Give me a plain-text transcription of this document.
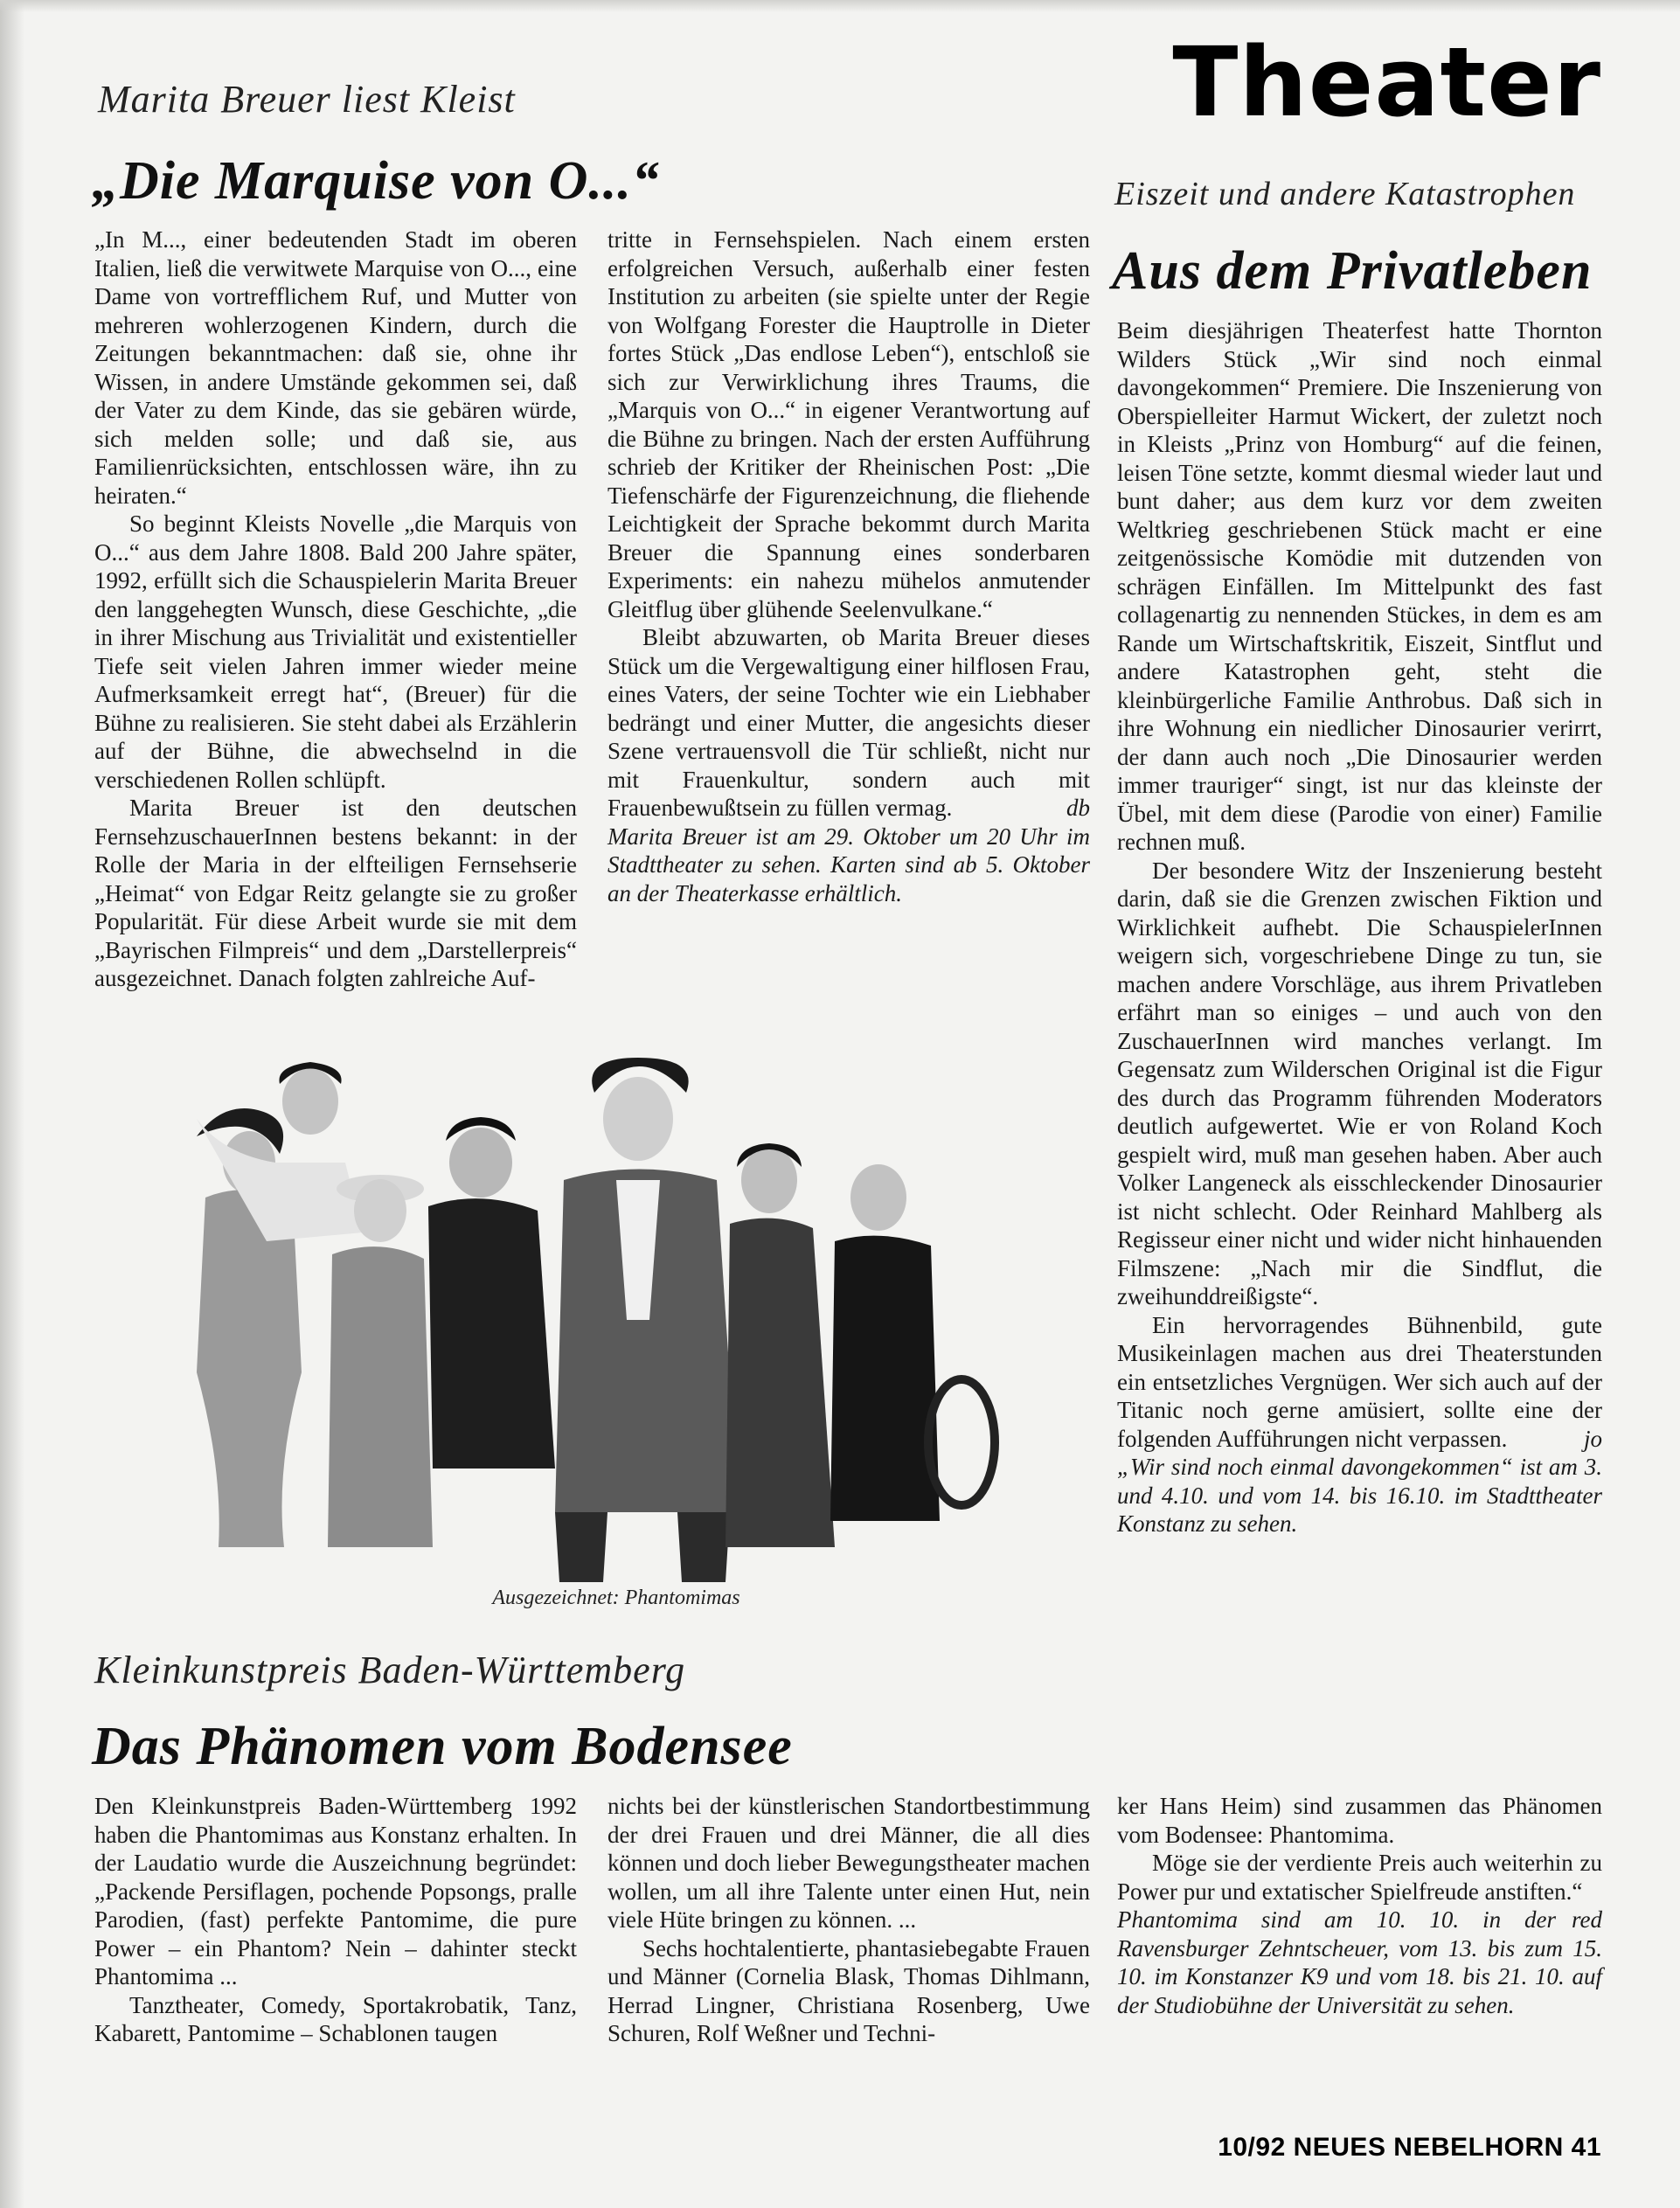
Theater
Marita Breuer liest Kleist
„Die Marquise von O...“

„In M..., einer bedeutenden Stadt im oberen Italien, ließ die verwitwete Marquise von O..., eine Dame von vortrefflichem Ruf, und Mutter von mehreren wohlerzogenen Kindern, durch die Zeitungen bekanntmachen: daß sie, ohne ihr Wissen, in andere Umstände gekommen sei, daß der Vater zu dem Kinde, das sie gebären würde, sich melden solle; und daß sie, aus Familienrücksichten, entschlossen wäre, ihn zu heiraten.“

So beginnt Kleists Novelle „die Marquis von O...“ aus dem Jahre 1808. Bald 200 Jahre später, 1992, erfüllt sich die Schauspielerin Marita Breuer den langgehegten Wunsch, diese Geschichte, „die in ihrer Mischung aus Trivialität und existentieller Tiefe seit vielen Jahren immer wieder meine Aufmerksamkeit erregt hat“, (Breuer) für die Bühne zu realisieren. Sie steht dabei als Erzählerin auf der Bühne, die abwechselnd in die verschiedenen Rollen schlüpft.

Marita Breuer ist den deutschen FernsehzuschauerInnen bestens bekannt: in der Rolle der Maria in der elfteiligen Fernsehserie „Heimat“ von Edgar Reitz gelangte sie zu großer Popularität. Für diese Arbeit wurde sie mit dem „Bayrischen Filmpreis“ und dem „Darstellerpreis“ ausgezeichnet. Danach folgten zahlreiche Auf-

tritte in Fernsehspielen. Nach einem ersten erfolgreichen Versuch, außerhalb einer festen Institution zu arbeiten (sie spielte unter der Regie von Wolfgang Forester die Hauptrolle in Dieter fortes Stück „Das endlose Leben“), entschloß sie sich zur Verwirklichung ihres Traums, die „Marquis von O...“ in eigener Verantwortung auf die Bühne zu bringen. Nach der ersten Aufführung schrieb der Kritiker der Rheinischen Post: „Die Tiefenschärfe der Figurenzeichnung, die fliehende Leichtigkeit der Sprache bekommt durch Marita Breuer die Spannung eines sonderbaren Experiments: ein nahezu mühelos anmutender Gleitflug über glühende Seelenvulkane.“

Bleibt abzuwarten, ob Marita Breuer dieses Stück um die Vergewaltigung einer hilflosen Frau, eines Vaters, der seine Tochter wie ein Liebhaber bedrängt und einer Mutter, die angesichts dieser Szene vertrauensvoll die Tür schließt, nicht nur mit Frauenkultur, sondern auch mit Frauenbewußtsein zu füllen vermag.	db

Marita Breuer ist am 29. Oktober um 20 Uhr im Stadttheater zu sehen. Karten sind ab 5. Oktober an der Theaterkasse erhältlich.

Eiszeit und andere Katastrophen
Aus dem Privatleben

Beim diesjährigen Theaterfest hatte Thornton Wilders Stück „Wir sind noch einmal davongekommen“ Premiere. Die Inszenierung von Oberspielleiter Harmut Wickert, der zuletzt noch in Kleists „Prinz von Homburg“ auf die feinen, leisen Töne setzte, kommt diesmal wieder laut und bunt daher; aus dem kurz vor dem zweiten Weltkrieg geschriebenen Stück macht er eine zeitgenössische Komödie mit dutzenden von schrägen Einfällen. Im Mittelpunkt des fast collagenartig zu nennenden Stückes, in dem es am Rande um Wirtschaftskritik, Eiszeit, Sintflut und andere Katastrophen geht, steht die kleinbürgerliche Familie Anthrobus. Daß sich in ihre Wohnung ein niedlicher Dinosaurier verirrt, der dann auch noch „Die Dinosaurier werden immer trauriger“ singt, ist nur das kleinste der Übel, mit dem diese (Parodie von einer) Familie rechnen muß.

Der besondere Witz der Inszenierung besteht darin, daß sie die Grenzen zwischen Fiktion und Wirklichkeit aufhebt. Die SchauspielerInnen weigern sich, vorgeschriebene Dinge zu tun, sie machen andere Vorschläge, aus ihrem Privatleben erfährt man so einiges – und auch von den ZuschauerInnen wird manches verlangt. Im Gegensatz zum Wilderschen Original ist die Figur des durch das Programm führenden Moderators deutlich aufgewertet. Wie er von Roland Koch gespielt wird, muß man gesehen haben. Aber auch Volker Langeneck als eisschleckender Dinosaurier ist nicht schlecht. Oder Reinhard Mahlberg als Regisseur einer nicht und wider nicht hinhauenden Filmszene: „Nach mir die Sindflut, die zweihunddreißigste“.

Ein hervorragendes Bühnenbild, gute Musikeinlagen machen aus drei Theaterstunden ein entsetzliches Vergnügen. Wer sich auch auf der Titanic noch gerne amüsiert, sollte eine der folgenden Aufführungen nicht verpassen.	jo

„Wir sind noch einmal davongekommen“ ist am 3. und 4.10. und vom 14. bis 16.10. im Stadttheater Konstanz zu sehen.

Ausgezeichnet: Phantomimas

Kleinkunstpreis Baden-Württemberg
Das Phänomen vom Bodensee

Den Kleinkunstpreis Baden-Württemberg 1992 haben die Phantomimas aus Konstanz erhalten. In der Laudatio wurde die Auszeichnung begründet: „Packende Persiflagen, pochende Popsongs, pralle Parodien, (fast) perfekte Pantomime, die pure Power – ein Phantom? Nein – dahinter steckt Phantomima ...

Tanztheater, Comedy, Sportakrobatik, Tanz, Kabarett, Pantomime – Schablonen taugen

nichts bei der künstlerischen Standortbestimmung der drei Frauen und drei Männer, die all dies können und doch lieber Bewegungstheater machen wollen, um all ihre Talente unter einen Hut, nein viele Hüte bringen zu können. ...

Sechs hochtalentierte, phantasiebegabte Frauen und Männer (Cornelia Blask, Thomas Dihlmann, Herrad Lingner, Christiana Rosenberg, Uwe Schuren, Rolf Weßner und Techni-

ker Hans Heim) sind zusammen das Phänomen vom Bodensee: Phantomima.

Möge sie der verdiente Preis auch weiterhin zu Power pur und extatischer Spielfreude anstiften.“
red

Phantomima sind am 10. 10. in der Ravensburger Zehntscheuer, vom 13. bis zum 15. 10. im Konstanzer K9 und vom 18. bis 21. 10. auf der Studiobühne der Universität zu sehen.

10/92 NEUES NEBELHORN 41
